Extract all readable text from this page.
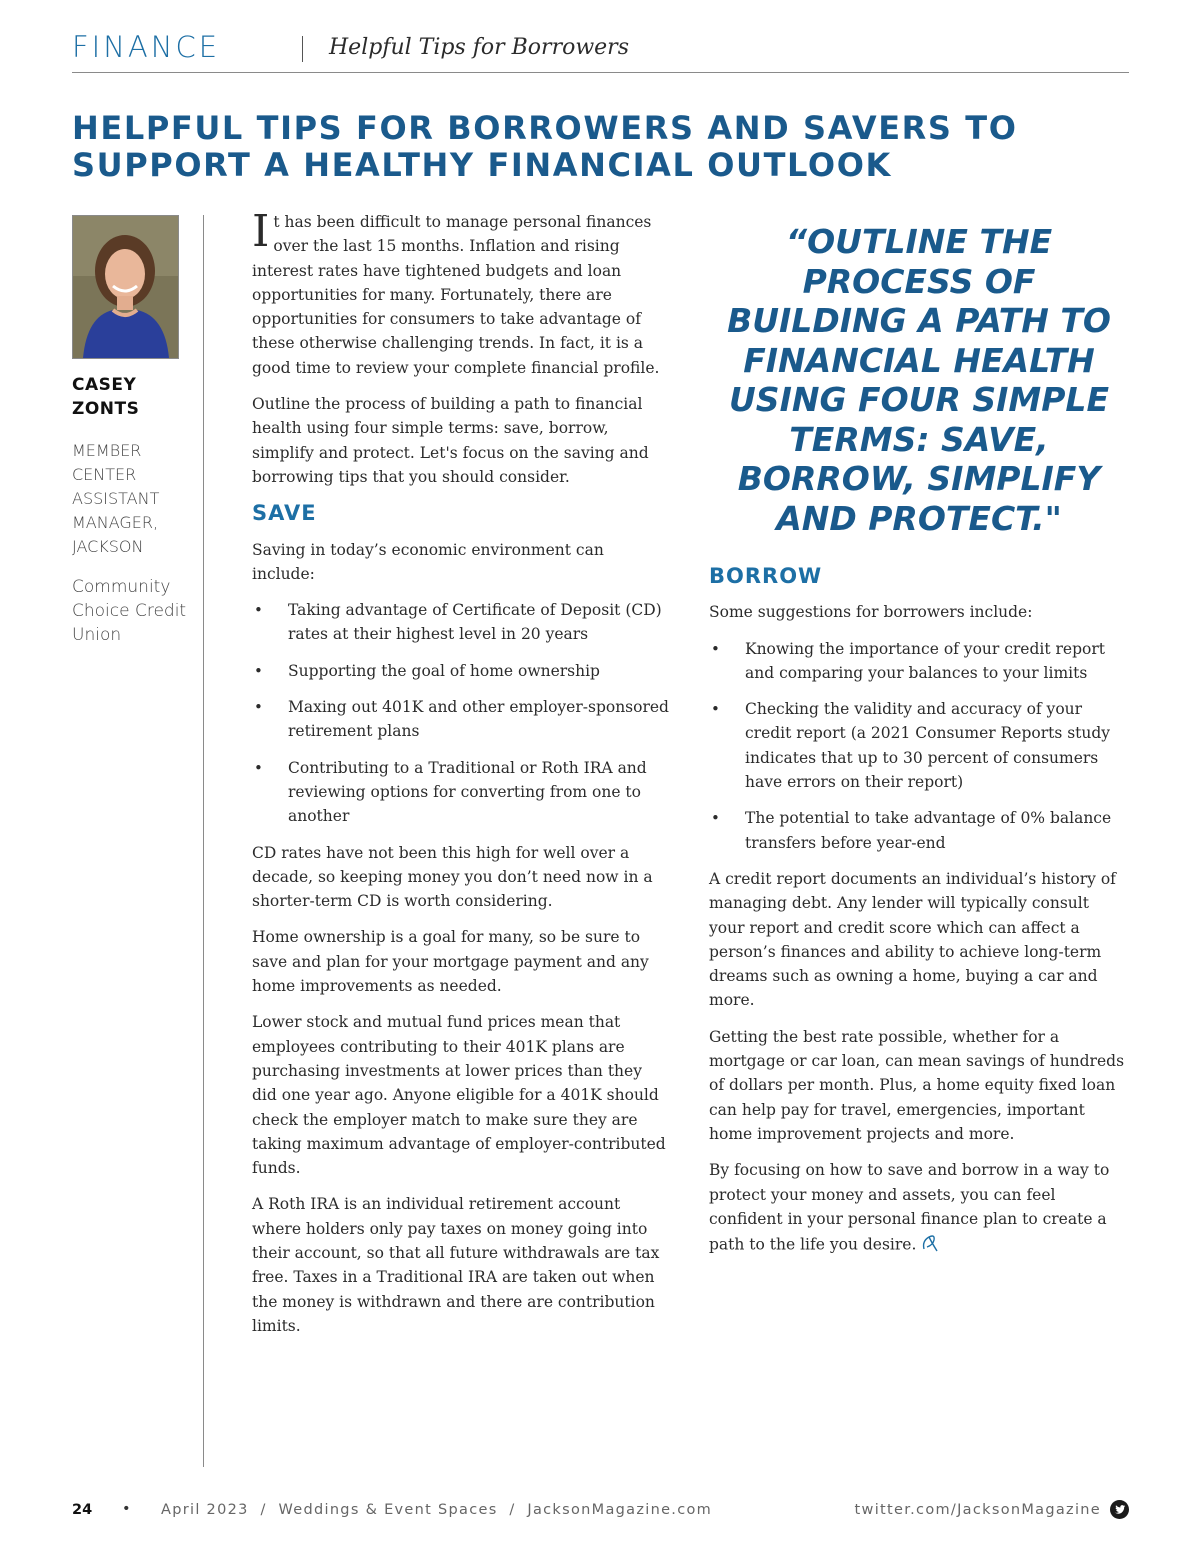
FINANCE	Helpful Tips for Borrowers
HELPFUL TIPS FOR BORROWERS AND SAVERS TO SUPPORT A HEALTHY FINANCIAL OUTLOOK

CASEY
ZONTS

MEMBER
CENTER
ASSISTANT
MANAGER,
JACKSON

Community
Choice Credit
Union

It has been difficult to manage personal finances over the last 15 months. Inflation and rising interest rates have tightened budgets and loan opportunities for many. Fortunately, there are opportunities for consumers to take advantage of these otherwise challenging trends. In fact, it is a good time to review your complete financial profile.

Outline the process of building a path to financial health using four simple terms: save, borrow, simplify and protect. Let's focus on the saving and borrowing tips that you should consider.

SAVE

Saving in today’s economic environment can include:

• Taking advantage of Certificate of Deposit (CD) rates at their highest level in 20 years
• Supporting the goal of home ownership
• Maxing out 401K and other employer-sponsored retirement plans
• Contributing to a Traditional or Roth IRA and reviewing options for converting from one to another

CD rates have not been this high for well over a decade, so keeping money you don’t need now in a shorter-term CD is worth considering.

Home ownership is a goal for many, so be sure to save and plan for your mortgage payment and any home improvements as needed.

Lower stock and mutual fund prices mean that employees contributing to their 401K plans are purchasing investments at lower prices than they did one year ago. Anyone eligible for a 401K should check the employer match to make sure they are taking maximum advantage of employer-contributed funds.

A Roth IRA is an individual retirement account where holders only pay taxes on money going into their account, so that all future withdrawals are tax free. Taxes in a Traditional IRA are taken out when the money is withdrawn and there are contribution limits.

“OUTLINE THE PROCESS OF BUILDING A PATH TO FINANCIAL HEALTH USING FOUR SIMPLE TERMS: SAVE, BORROW, SIMPLIFY AND PROTECT."
BORROW

Some suggestions for borrowers include:

• Knowing the importance of your credit report and comparing your balances to your limits
• Checking the validity and accuracy of your credit report (a 2021 Consumer Reports study indicates that up to 30 percent of consumers have errors on their report)
• The potential to take advantage of 0% balance transfers before year-end

A credit report documents an individual’s history of managing debt. Any lender will typically consult your report and credit score which can affect a person’s finances and ability to achieve long-term dreams such as owning a home, buying a car and more.

Getting the best rate possible, whether for a mortgage or car loan, can mean savings of hundreds of dollars per month. Plus, a home equity fixed loan can help pay for travel, emergencies, important home improvement projects and more.

By focusing on how to save and borrow in a way to protect your money and assets, you can feel confident in your personal finance plan to create a path to the life you desire.

24 • April 2023  /  Weddings & Event Spaces  /  JacksonMagazine.com	twitter.com/JacksonMagazine
